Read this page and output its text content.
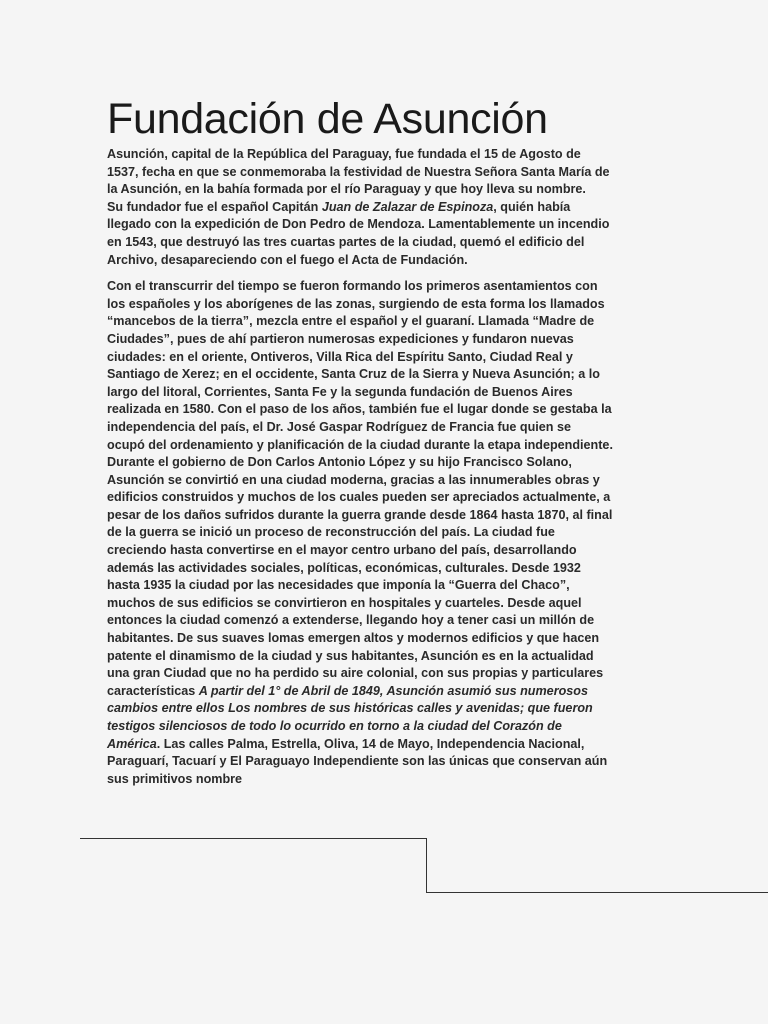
Fundación de Asunción
Asunción, capital de la República del Paraguay, fue fundada el 15 de Agosto de
1537, fecha en que se conmemoraba la festividad de Nuestra Señora Santa María de
la Asunción, en la bahía formada por el río Paraguay y que hoy lleva su nombre.
Su fundador fue el español Capitán Juan de Zalazar de Espinoza, quién había
llegado con la expedición de Don Pedro de Mendoza. Lamentablemente un incendio
en 1543, que destruyó las tres cuartas partes de la ciudad, quemó el edificio del
Archivo, desapareciendo con el fuego el Acta de Fundación.
Con el transcurrir del tiempo se fueron formando los primeros asentamientos con
los españoles y los aborígenes de las zonas, surgiendo de esta forma los llamados
“mancebos de la tierra”, mezcla entre el español y el guaraní. Llamada “Madre de
Ciudades”, pues de ahí partieron numerosas expediciones y fundaron nuevas
ciudades: en el oriente, Ontiveros, Villa Rica del Espíritu Santo, Ciudad Real y
Santiago de Xerez; en el occidente, Santa Cruz de la Sierra y Nueva Asunción; a lo
largo del litoral, Corrientes, Santa Fe y la segunda fundación de Buenos Aires
realizada en 1580. Con el paso de los años, también fue el lugar donde se gestaba la
independencia del país, el Dr. José Gaspar Rodríguez de Francia fue quien se
ocupó del ordenamiento y planificación de la ciudad durante la etapa independiente.
Durante el gobierno de Don Carlos Antonio López y su hijo Francisco Solano,
Asunción se convirtió en una ciudad moderna, gracias a las innumerables obras y
edificios construidos y muchos de los cuales pueden ser apreciados actualmente, a
pesar de los daños sufridos durante la guerra grande desde 1864 hasta 1870, al final
de la guerra se inició un proceso de reconstrucción del país. La ciudad fue
creciendo hasta convertirse en el mayor centro urbano del país, desarrollando
además las actividades sociales, políticas, económicas, culturales. Desde 1932
hasta 1935 la ciudad por las necesidades que imponía la “Guerra del Chaco”,
muchos de sus edificios se convirtieron en hospitales y cuarteles. Desde aquel
entonces la ciudad comenzó a extenderse, llegando hoy a tener casi un millón de
habitantes. De sus suaves lomas emergen altos y modernos edificios y que hacen
patente el dinamismo de la ciudad y sus habitantes, Asunción es en la actualidad
una gran Ciudad que no ha perdido su aire colonial, con sus propias y particulares
características A partir del 1° de Abril de 1849, Asunción asumió sus numerosos
cambios entre ellos Los nombres de sus históricas calles y avenidas; que fueron
testigos silenciosos de todo lo ocurrido en torno a la ciudad del Corazón de
América. Las calles Palma, Estrella, Oliva, 14 de Mayo, Independencia Nacional,
Paraguarí, Tacuarí y El Paraguayo Independiente son las únicas que conservan aún
sus primitivos nombre
